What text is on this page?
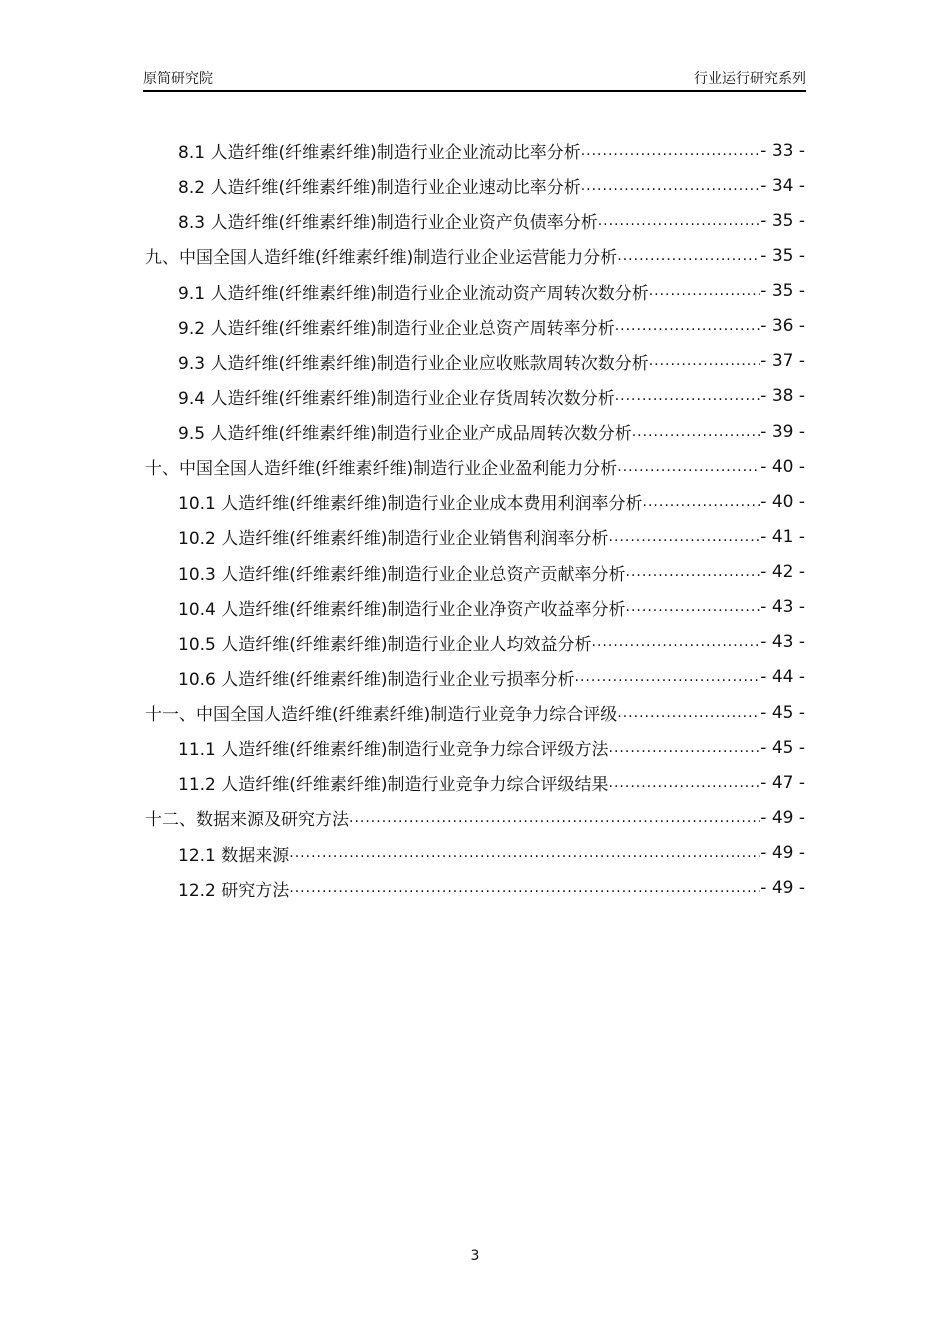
原简研究院	行业运行研究系列
8.1 人造纤维(纤维素纤维)制造行业企业流动比率分析 .....	- 33 -
8.2 人造纤维(纤维素纤维)制造行业企业速动比率分析 .....	- 34 -
8.3 人造纤维(纤维素纤维)制造行业企业资产负债率分析 .....	- 35 -
九、中国全国人造纤维(纤维素纤维)制造行业企业运营能力分析 .....	- 35 -
9.1 人造纤维(纤维素纤维)制造行业企业流动资产周转次数分析 .....	- 35 -
9.2 人造纤维(纤维素纤维)制造行业企业总资产周转率分析 .....	- 36 -
9.3 人造纤维(纤维素纤维)制造行业企业应收账款周转次数分析 .....	- 37 -
9.4 人造纤维(纤维素纤维)制造行业企业存货周转次数分析 .....	- 38 -
9.5 人造纤维(纤维素纤维)制造行业企业产成品周转次数分析 .....	- 39 -
十、中国全国人造纤维(纤维素纤维)制造行业企业盈利能力分析 .....	- 40 -
10.1 人造纤维(纤维素纤维)制造行业企业成本费用利润率分析 .....	- 40 -
10.2 人造纤维(纤维素纤维)制造行业企业销售利润率分析 .....	- 41 -
10.3 人造纤维(纤维素纤维)制造行业企业总资产贡献率分析 .....	- 42 -
10.4 人造纤维(纤维素纤维)制造行业企业净资产收益率分析 .....	- 43 -
10.5 人造纤维(纤维素纤维)制造行业企业人均效益分析 .....	- 43 -
10.6 人造纤维(纤维素纤维)制造行业企业亏损率分析 .....	- 44 -
十一、中国全国人造纤维(纤维素纤维)制造行业竞争力综合评级 .....	- 45 -
11.1 人造纤维(纤维素纤维)制造行业竞争力综合评级方法 .....	- 45 -
11.2 人造纤维(纤维素纤维)制造行业竞争力综合评级结果 .....	- 47 -
十二、数据来源及研究方法 .....	- 49 -
12.1 数据来源 .....	- 49 -
12.2 研究方法 .....	- 49 -
3
